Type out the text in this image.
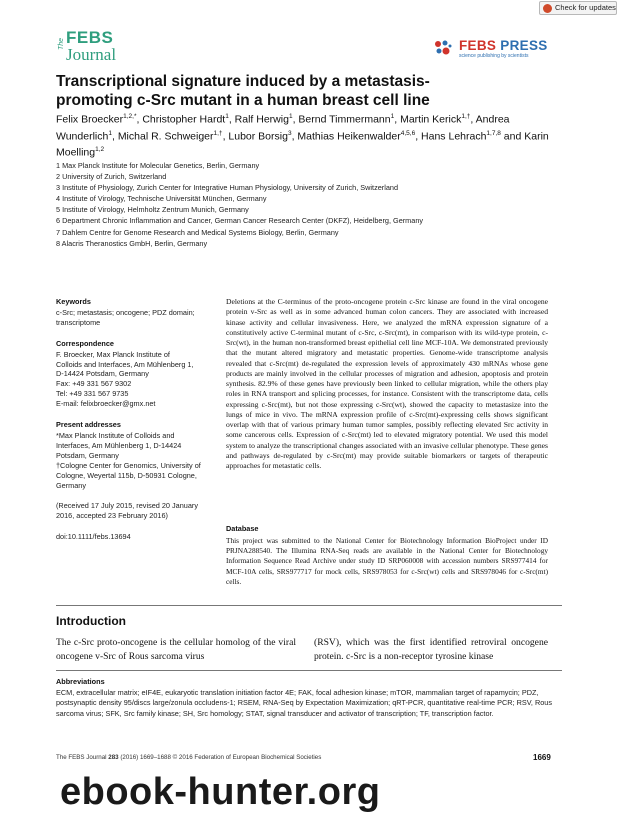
Check for updates
The FEBS
Journal	FEBS PRESS
science publishing by scientists
Transcriptional signature induced by a metastasis-
promoting c-Src mutant in a human breast cell line
Felix Broecker$^{1,2,*}$, Christopher Hardt$^1$, Ralf Herwig$^1$, Bernd Timmermann$^1$, Martin Kerick$^{1,\dagger}$, Andrea Wunderlich$^1$, Michal R. Schweiger$^{1,\dagger}$, Lubor Borsig$^3$, Mathias Heikenwalder$^{4,5,6}$, Hans Lehrach$^{1,7,8}$ and Karin Moelling$^{1,2}$
1 Max Planck Institute for Molecular Genetics, Berlin, Germany
2 University of Zurich, Switzerland
3 Institute of Physiology, Zurich Center for Integrative Human Physiology, University of Zurich, Switzerland
4 Institute of Virology, Technische Universität München, Germany
5 Institute of Virology, Helmholtz Zentrum Munich, Germany
6 Department Chronic Inflammation and Cancer, German Cancer Research Center (DKFZ), Heidelberg, Germany
7 Dahlem Centre for Genome Research and Medical Systems Biology, Berlin, Germany
8 Alacris Theranostics GmbH, Berlin, Germany
Keywords
c-Src; metastasis; oncogene; PDZ domain; transcriptome
Correspondence
F. Broecker, Max Planck Institute of
Colloids and Interfaces, Am Mühlenberg 1,
D-14424 Potsdam, Germany
Fax: +49 331 567 9302
Tel: +49 331 567 9735
E-mail: felixbroecker@gmx.net
Present addresses
*Max Planck Institute of Colloids and
Interfaces, Am Mühlenberg 1, D-14424
Potsdam, Germany
†Cologne Center for Genomics, University of
Cologne, Weyertal 115b, D-50931 Cologne,
Germany
(Received 17 July 2015, revised 20 January
2016, accepted 23 February 2016)
doi:10.1111/febs.13694

Deletions at the C-terminus of the proto-oncogene protein c-Src kinase are found in the viral oncogene protein v-Src as well as in some advanced human colon cancers. They are associated with increased kinase activity and cellular invasiveness. Here, we analyzed the mRNA expression signature of a constitutively active C-terminal mutant of c-Src, c-Src(mt), in comparison with its wild-type protein, c-Src(wt), in the human non-transformed breast epithelial cell line MCF-10A. We demonstrated previously that the mutant altered migratory and metastatic properties. Genome-wide transcriptome analysis revealed that c-Src(mt) de-regulated the expression levels of approximately 430 mRNAs whose gene products are mainly involved in the cellular processes of migration and adhesion, apoptosis and protein synthesis. 82.9% of these genes have previously been linked to cellular migration, while the others play roles in RNA transport and splicing processes, for instance. Consistent with the transcriptome data, cells expressing c-Src(mt), but not those expressing c-Src(wt), showed the capacity to metastasize into the lungs of mice in vivo. The mRNA expression profile of c-Src(mt)-expressing cells shows significant overlap with that of various primary human tumor samples, possibly reflecting elevated Src activity in some cancerous cells. Expression of c-Src(mt) led to elevated migratory potential. We used this model system to analyze the transcriptional changes associated with an invasive cellular phenotype. These genes and pathways de-regulated by c-Src(mt) may provide suitable biomarkers or targets of therapeutic approaches for metastatic cells.

Database
This project was submitted to the National Center for Biotechnology Information BioProject under ID PRJNA288540. The Illumina RNA-Seq reads are available in the National Center for Biotechnology Information Sequence Read Archive under study ID SRP060008 with accession numbers SRS977414 for MCF-10A cells, SRS977717 for mock cells, SRS978053 for c-Src(wt) cells and SRS978046 for c-Src(mt) cells.
Introduction
The c-Src proto-oncogene is the cellular homolog of the viral oncogene v-Src of Rous sarcoma virus
(RSV), which was the first identified retroviral oncogene protein. c-Src is a non-receptor tyrosine kinase
Abbreviations
ECM, extracellular matrix; eIF4E, eukaryotic translation initiation factor 4E; FAK, focal adhesion kinase; mTOR, mammalian target of rapamycin; PDZ, postsynaptic density 95/discs large/zonula occludens-1; RSEM, RNA-Seq by Expectation Maximization; qRT-PCR, quantitative real-time PCR; RSV, Rous sarcoma virus; SFK, Src family kinase; SH, Src homology; STAT, signal transducer and activator of transcription; TF, transcription factor.
The FEBS Journal 283 (2016) 1669–1688 © 2016 Federation of European Biochemical Societies	1669
ebook-hunter.org
